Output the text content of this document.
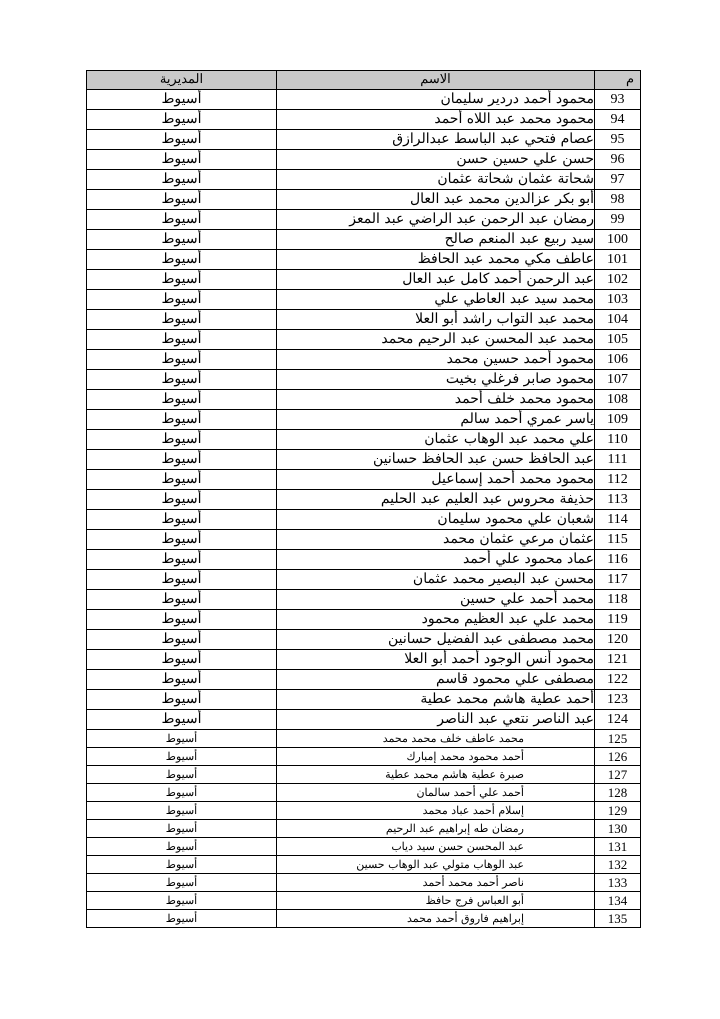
م	الاسم	المديرية
93	محمود أحمد دردير سليمان	أسيوط
94	محمود محمد عبد اللاه أحمد	أسيوط
95	عصام فتحي عبد الباسط عبدالرازق	أسيوط
96	حسن علي حسين حسن	أسيوط
97	شحاتة عثمان شحاتة عثمان	أسيوط
98	أبو بكر عزالدين محمد عبد العال	أسيوط
99	رمضان عبد الرحمن عبد الراضي عبد المعز	أسيوط
100	سيد ربيع عبد المنعم صالح	أسيوط
101	عاطف مكي محمد عبد الحافظ	أسيوط
102	عبد الرحمن أحمد كامل عبد العال	أسيوط
103	محمد سيد عبد العاطي علي	أسيوط
104	محمد عبد التواب راشد أبو العلا	أسيوط
105	محمد عبد المحسن عبد الرحيم محمد	أسيوط
106	محمود أحمد حسين محمد	أسيوط
107	محمود صابر فرغلي بخيت	أسيوط
108	محمود محمد خلف أحمد	أسيوط
109	ياسر عمري أحمد سالم	أسيوط
110	علي محمد عبد الوهاب عثمان	أسيوط
111	عبد الحافظ حسن عبد الحافظ حسانين	أسيوط
112	محمود محمد أحمد إسماعيل	أسيوط
113	حذيفة محروس عبد العليم عبد الحليم	أسيوط
114	شعبان علي محمود سليمان	أسيوط
115	عثمان مرعي عثمان محمد	أسيوط
116	عماد محمود علي أحمد	أسيوط
117	محسن عبد البصير محمد عثمان	أسيوط
118	محمد أحمد علي حسين	أسيوط
119	محمد علي عبد العظيم محمود	أسيوط
120	محمد مصطفى عبد الفضيل حسانين	أسيوط
121	محمود أنس الوجود أحمد أبو العلا	أسيوط
122	مصطفى علي محمود قاسم	أسيوط
123	أحمد عطية هاشم محمد عطية	أسيوط
124	عبد الناصر نتعي عبد الناصر	أسيوط
125	محمد عاطف خلف محمد محمد	أسيوط
126	أحمد محمود محمد إمبارك	أسيوط
127	صبرة عطية هاشم محمد عطية	أسيوط
128	أحمد علي أحمد سالمان	أسيوط
129	إسلام أحمد عباد محمد	أسيوط
130	رمضان طه إبراهيم عبد الرحيم	أسيوط
131	عبد المحسن حسن سيد دياب	أسيوط
132	عبد الوهاب متولي عبد الوهاب حسين	أسيوط
133	ناصر أحمد محمد أحمد	أسيوط
134	أبو العباس فرج حافظ	أسيوط
135	إبراهيم فاروق أحمد محمد	أسيوط
